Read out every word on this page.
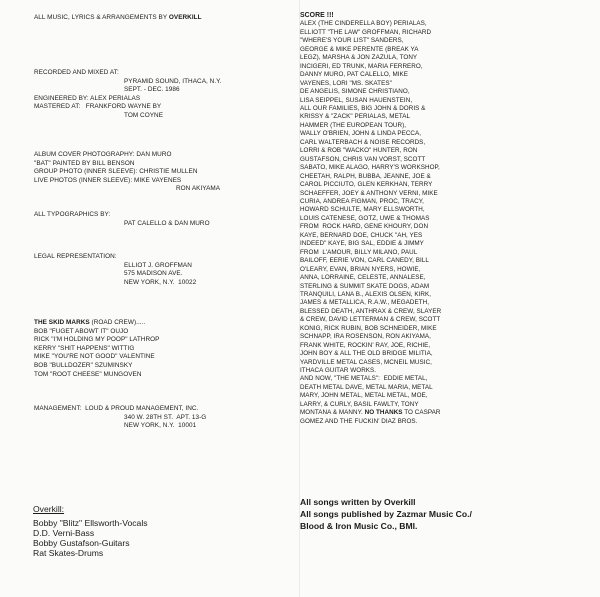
ALL MUSIC, LYRICS & ARRANGEMENTS BY OVERKILL
RECORDED AND MIXED AT:
PYRAMID SOUND, ITHACA, N.Y.
SEPT. - DEC. 1986
ENGINEERED BY: ALEX PERIALAS
MASTERED AT:   FRANKFORD WAYNE BY
TOM COYNE
ALBUM COVER PHOTOGRAPHY: DAN MURO
"BAT" PAINTED BY BILL BENSON
GROUP PHOTO (INNER SLEEVE): CHRISTIE MULLEN
LIVE PHOTOS (INNER SLEEVE): MIKE VAYENES
RON AKIYAMA
ALL TYPOGRAPHICS BY:
PAT CALELLO & DAN MURO
LEGAL REPRESENTATION:
ELLIOT J. GROFFMAN
575 MADISON AVE.
NEW YORK, N.Y.  10022
THE SKID MARKS (ROAD CREW).....
BOB "FUGET ABOWT IT" OUJO
RICK "I'M HOLDING MY POOP" LATHROP
KERRY "SHIT HAPPENS" WITTIG
MIKE "YOU'RE NOT GOOD" VALENTINE
BOB "BULLDOZER" SZUMINSKY
TOM "ROOT CHEESE" MUNGOVEN
MANAGEMENT:  LOUD & PROUD MANAGEMENT, INC.
340 W. 28TH ST.  APT. 13-G
NEW YORK, N.Y.  10001
Overkill:
Bobby "Blitz" Ellsworth-Vocals
D.D. Verni-Bass
Bobby Gustafson-Guitars
Rat Skates-Drums
SCORE !!!
ALEX (THE CINDERELLA BOY) PERIALAS,
ELLIOTT "THE LAW" GROFFMAN, RICHARD
"WHERE'S YOUR LIST" SANDERS,
GEORGE & MIKE PERENTE (BREAK YA
LEGZ), MARSHA & JON ZAZULA, TONY
INCIGERI, ED TRUNK, MARIA FERRERO,
DANNY MURO, PAT CALELLO, MIKE
VAYENES, LORI "MS. SKATES"
DE ANGELIS, SIMONE CHRISTIANO,
LISA SEIPPEL, SUSAN HAUENSTEIN,
ALL OUR FAMILIES, BIG JOHN & DORIS &
KRISSY & "ZACK" PERIALAS, METAL
HAMMER (THE EUROPEAN TOUR),
WALLY O'BRIEN, JOHN & LINDA PECCA,
CARL WALTERBACH & NOISE RECORDS,
LORRI & ROB "WACKO" HUNTER, RON
GUSTAFSON, CHRIS VAN VORST, SCOTT
SABATO, MIKE ALAGO, HARRY'S WORKSHOP,
CHEETAH, RALPH, BUBBA, JEANNE, JOE &
CAROL PICCIUTO, GLEN KERKHAN, TERRY
SCHAEFFER, JOEY & ANTHONY VERNI, MIKE
CURIA, ANDREA FIGMAN, PROC, TRACY,
HOWARD SCHULTE, MARY ELLSWORTH,
LOUIS CATENESE, GOTZ, UWE & THOMAS
FROM  ROCK HARD, GENE KHOURY, DON
KAYE, BERNARD DOE, CHUCK "AH, YES
INDEED" KAYE, BIG SAL, EDDIE & JIMMY
FROM  L'AMOUR, BILLY MILANO, PAUL
BAILOFF, EERIE VON, CARL CANEDY, BILL
O'LEARY, EVAN, BRIAN NYERS, HOWIE,
ANNA, LORRAINE, CELESTE, ANNALESE,
STERLING & SUMMIT SKATE DOGS, ADAM
TRANQUILI, LANA B., ALEXIS OLSEN, KIRK,
JAMES & METALLICA, R.A.W., MEGADETH,
BLESSED DEATH, ANTHRAX & CREW, SLAYER
& CREW, DAVID LETTERMAN & CREW, SCOTT
KONIG, RICK RUBIN, BOB SCHNEIDER, MIKE
SCHNAPP, IRA ROSENSON, RON AKIYAMA,
FRANK WHITE, ROCKIN' RAY, JOE, RICHIE,
JOHN BOY & ALL THE OLD BRIDGE MILITIA,
YARDVILLE METAL CASES, MCNEIL MUSIC,
ITHACA GUITAR WORKS.
AND NOW, "THE METALS":  EDDIE METAL,
DEATH METAL DAVE, METAL MARIA, METAL
MARY, JOHN METAL, METAL METAL, MOE,
LARRY, & CURLY, BASIL FAWLTY, TONY
MONTANA & MANNY. NO THANKS TO CASPAR
GOMEZ AND THE FUCKIN' DIAZ BROS.
All songs written by Overkill
All songs published by Zazmar Music Co./
Blood & Iron Music Co., BMI.
